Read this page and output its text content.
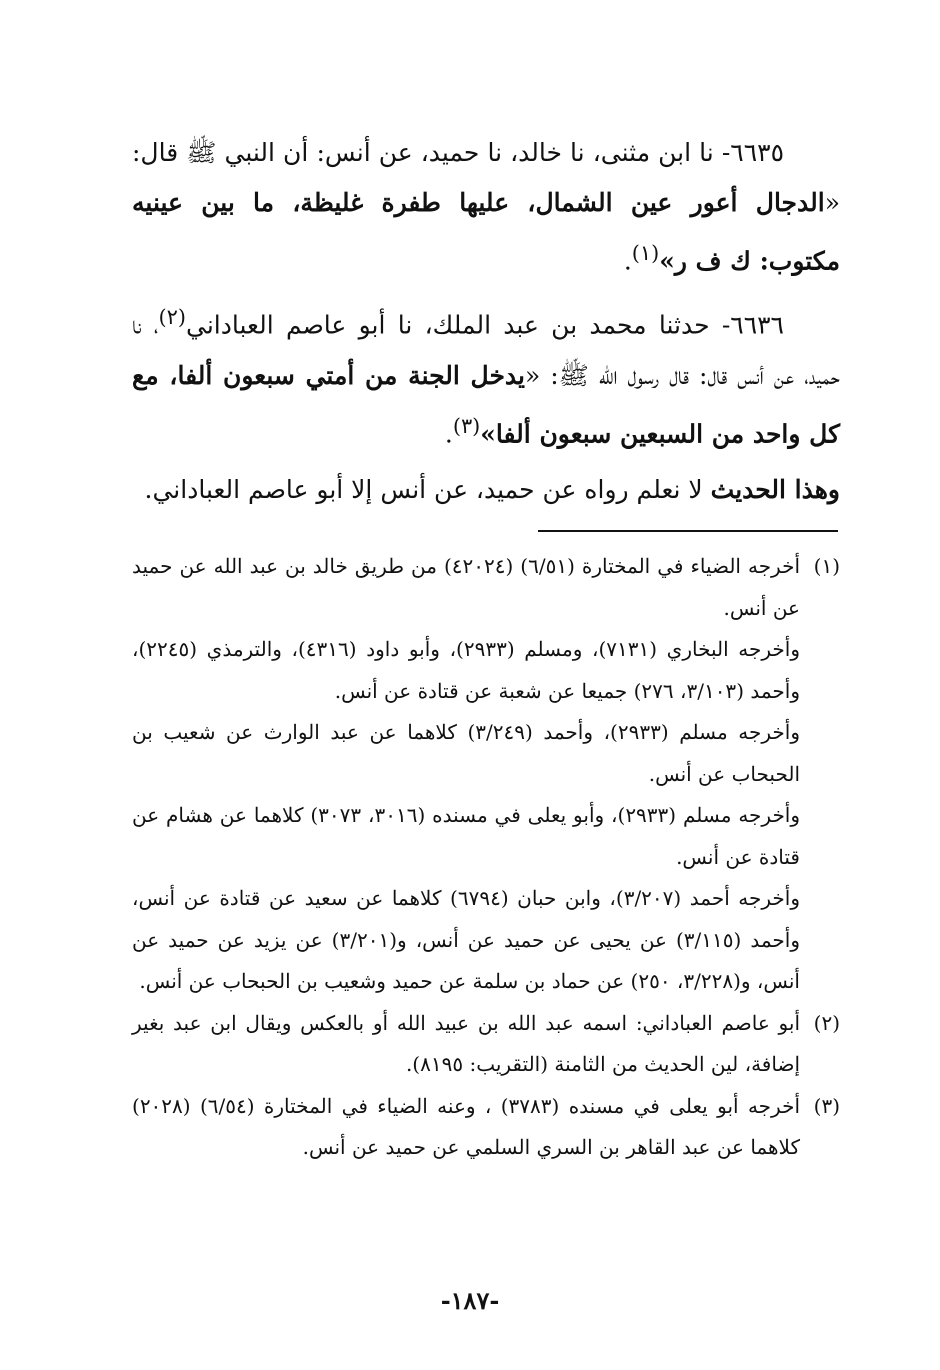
٦٦٣٥- نا ابن مثنى، نا خالد، نا حميد، عن أنس: أن النبي ﷺ قال: «الدجال أعور عين الشمال، عليها طفرة غليظة، ما بين عينيه مكتوب: ك ف ر»$^{(١)}$.

٦٦٣٦- حدثنا محمد بن عبد الملك، نا أبو عاصم العباداني$^{(٢)}$، نا حميد، عن أنس قال: قال رسول الله ﷺ: «يدخل الجنة من أمتي سبعون ألفا، مع كل واحد من السبعين سبعون ألفا»$^{(٣)}$.

وهذا الحديث لا نعلم رواه عن حميد، عن أنس إلا أبو عاصم العباداني.

(١)

أخرجه الضياء في المختارة (٦/٥١) (٤٢٠٢٤) من طريق خالد بن عبد الله عن حميد عن أنس.

وأخرجه البخاري (٧١٣١)، ومسلم (٢٩٣٣)، وأبو داود (٤٣١٦)، والترمذي (٢٢٤٥)، وأحمد (٣/١٠٣، ٢٧٦) جميعا عن شعبة عن قتادة عن أنس.

وأخرجه مسلم (٢٩٣٣)، وأحمد (٣/٢٤٩) كلاهما عن عبد الوارث عن شعيب بن الحبحاب عن أنس.

وأخرجه مسلم (٢٩٣٣)، وأبو يعلى في مسنده (٣٠١٦، ٣٠٧٣) كلاهما عن هشام عن قتادة عن أنس.

وأخرجه أحمد (٣/٢٠٧)، وابن حبان (٦٧٩٤) كلاهما عن سعيد عن قتادة عن أنس، وأحمد (٣/١١٥) عن يحيى عن حميد عن أنس، و(٣/٢٠١) عن يزيد عن حميد عن أنس، و(٣/٢٢٨، ٢٥٠) عن حماد بن سلمة عن حميد وشعيب بن الحبحاب عن أنس.

(٢)

أبو عاصم العباداني: اسمه عبد الله بن عبيد الله أو بالعكس ويقال ابن عبد بغير إضافة، لين الحديث من الثامنة (التقريب: ٨١٩٥).

(٣)

أخرجه أبو يعلى في مسنده (٣٧٨٣) ، وعنه الضياء في المختارة (٦/٥٤) (٢٠٢٨) كلاهما عن عبد القاهر بن السري السلمي عن حميد عن أنس.

-١٨٧-
